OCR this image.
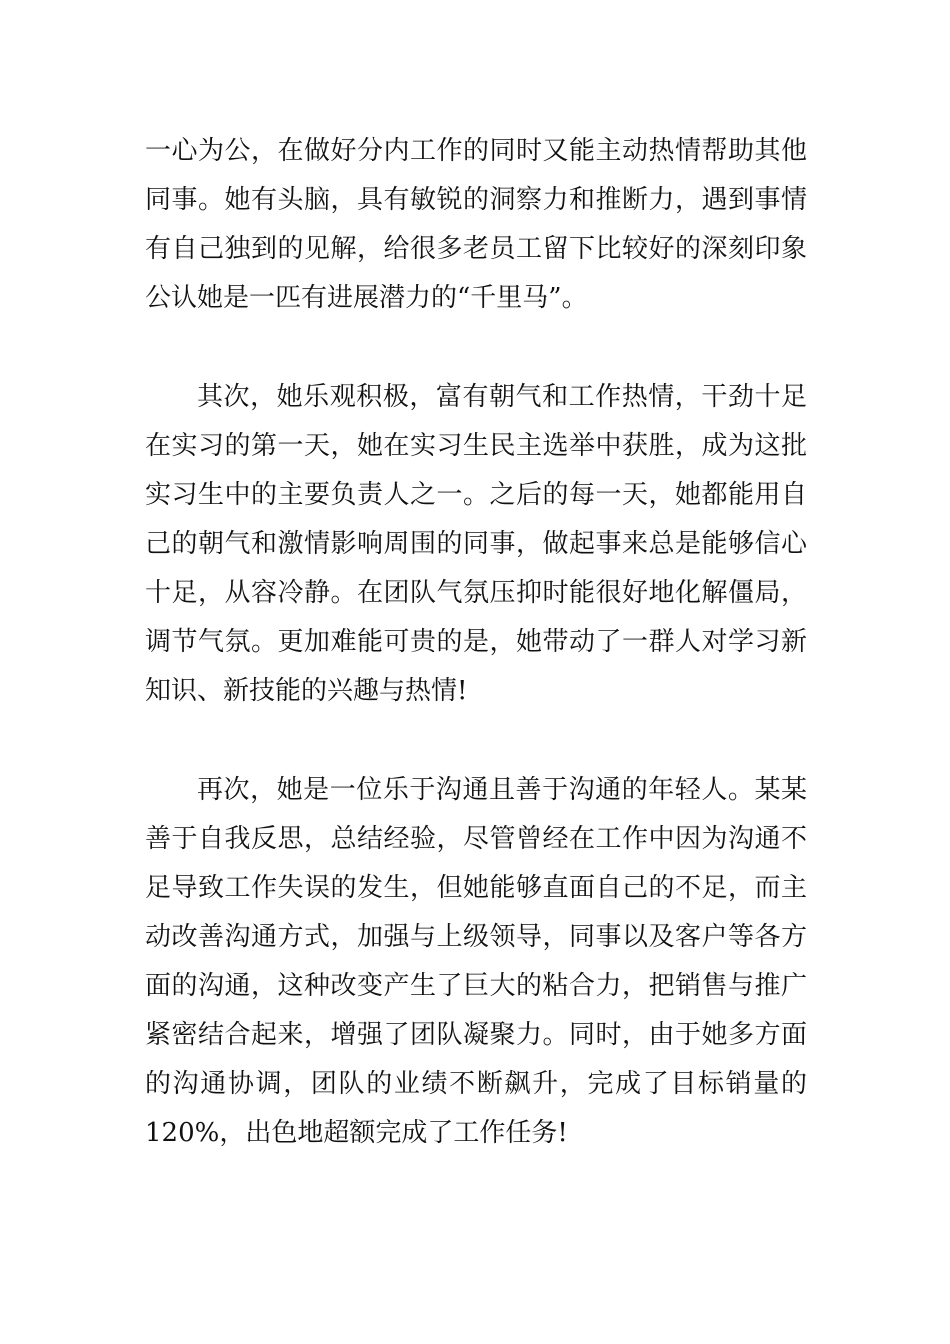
一心为公，在做好分内工作的同时又能主动热情帮助其他
同事。她有头脑，具有敏锐的洞察力和推断力，遇到事情
有自己独到的见解，给很多老员工留下比较好的深刻印象
公认她是一匹有进展潜力的“千里马”。
其次，她乐观积极，富有朝气和工作热情，干劲十足
在实习的第一天，她在实习生民主选举中获胜，成为这批
实习生中的主要负责人之一。之后的每一天，她都能用自
己的朝气和激情影响周围的同事，做起事来总是能够信心
十足，从容冷静。在团队气氛压抑时能很好地化解僵局，
调节气氛。更加难能可贵的是，她带动了一群人对学习新
知识、新技能的兴趣与热情!
再次，她是一位乐于沟通且善于沟通的年轻人。某某
善于自我反思，总结经验，尽管曾经在工作中因为沟通不
足导致工作失误的发生，但她能够直面自己的不足，而主
动改善沟通方式，加强与上级领导，同事以及客户等各方
面的沟通，这种改变产生了巨大的粘合力，把销售与推广
紧密结合起来，增强了团队凝聚力。同时，由于她多方面
的沟通协调，团队的业绩不断飙升，完成了目标销量的
120%，出色地超额完成了工作任务!
